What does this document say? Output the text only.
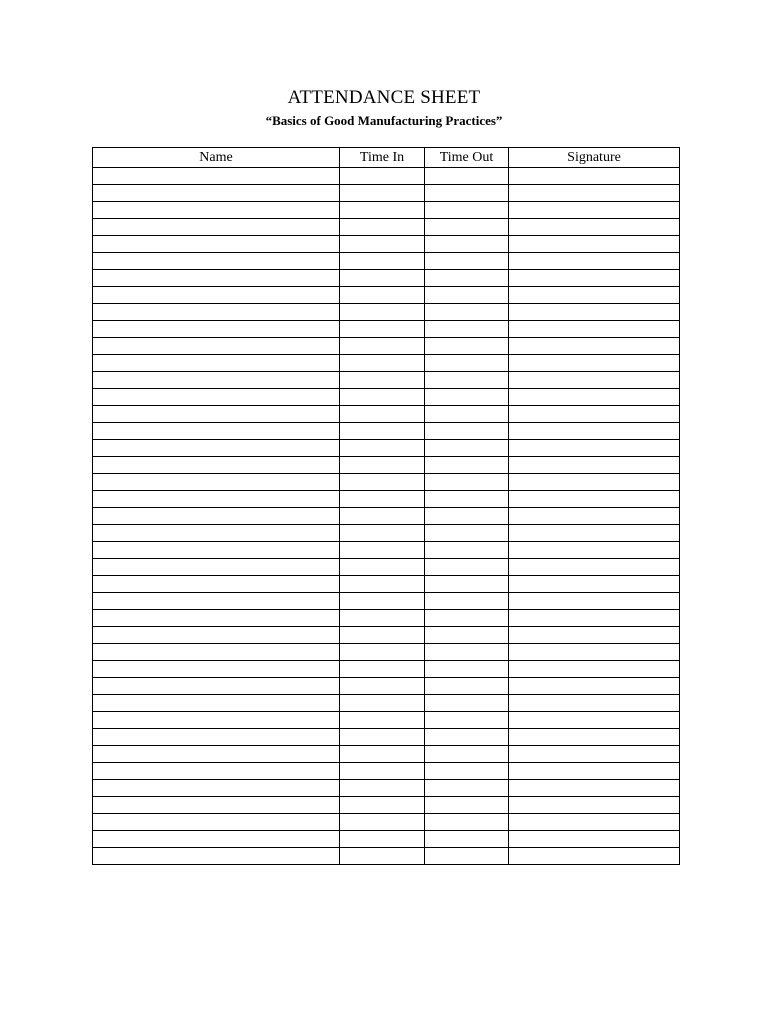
ATTENDANCE SHEET
“Basics of Good Manufacturing Practices”
Name	Time In	Time Out	Signature
